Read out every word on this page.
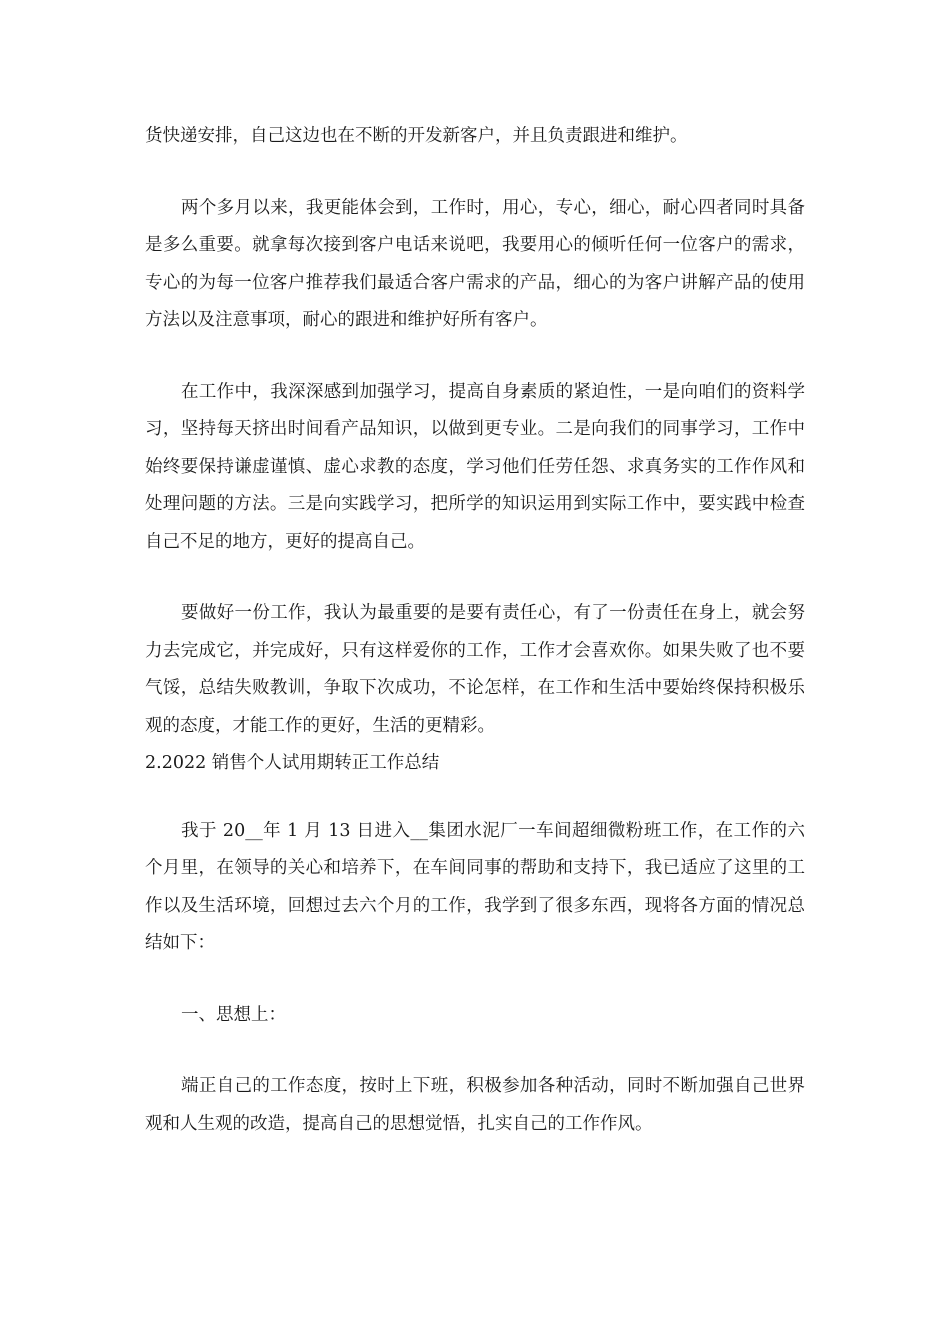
货快递安排，自己这边也在不断的开发新客户，并且负责跟进和维护。

两个多月以来，我更能体会到，工作时，用心，专心，细心，耐心四者同时具备是多么重要。就拿每次接到客户电话来说吧，我要用心的倾听任何一位客户的需求，专心的为每一位客户推荐我们最适合客户需求的产品，细心的为客户讲解产品的使用方法以及注意事项，耐心的跟进和维护好所有客户。

在工作中，我深深感到加强学习，提高自身素质的紧迫性，一是向咱们的资料学习，坚持每天挤出时间看产品知识，以做到更专业。二是向我们的同事学习，工作中始终要保持谦虚谨慎、虚心求教的态度，学习他们任劳任怨、求真务实的工作作风和处理问题的方法。三是向实践学习，把所学的知识运用到实际工作中，要实践中检查自己不足的地方，更好的提高自己。

要做好一份工作，我认为最重要的是要有责任心，有了一份责任在身上，就会努力去完成它，并完成好，只有这样爱你的工作，工作才会喜欢你。如果失败了也不要气馁，总结失败教训，争取下次成功，不论怎样，在工作和生活中要始终保持积极乐观的态度，才能工作的更好，生活的更精彩。

2.2022 销售个人试用期转正工作总结

我于 20__年 1 月 13 日进入__集团水泥厂一车间超细微粉班工作，在工作的六个月里，在领导的关心和培养下，在车间同事的帮助和支持下，我已适应了这里的工作以及生活环境，回想过去六个月的工作，我学到了很多东西，现将各方面的情况总结如下：

一、思想上：

端正自己的工作态度，按时上下班，积极参加各种活动，同时不断加强自己世界观和人生观的改造，提高自己的思想觉悟，扎实自己的工作作风。
